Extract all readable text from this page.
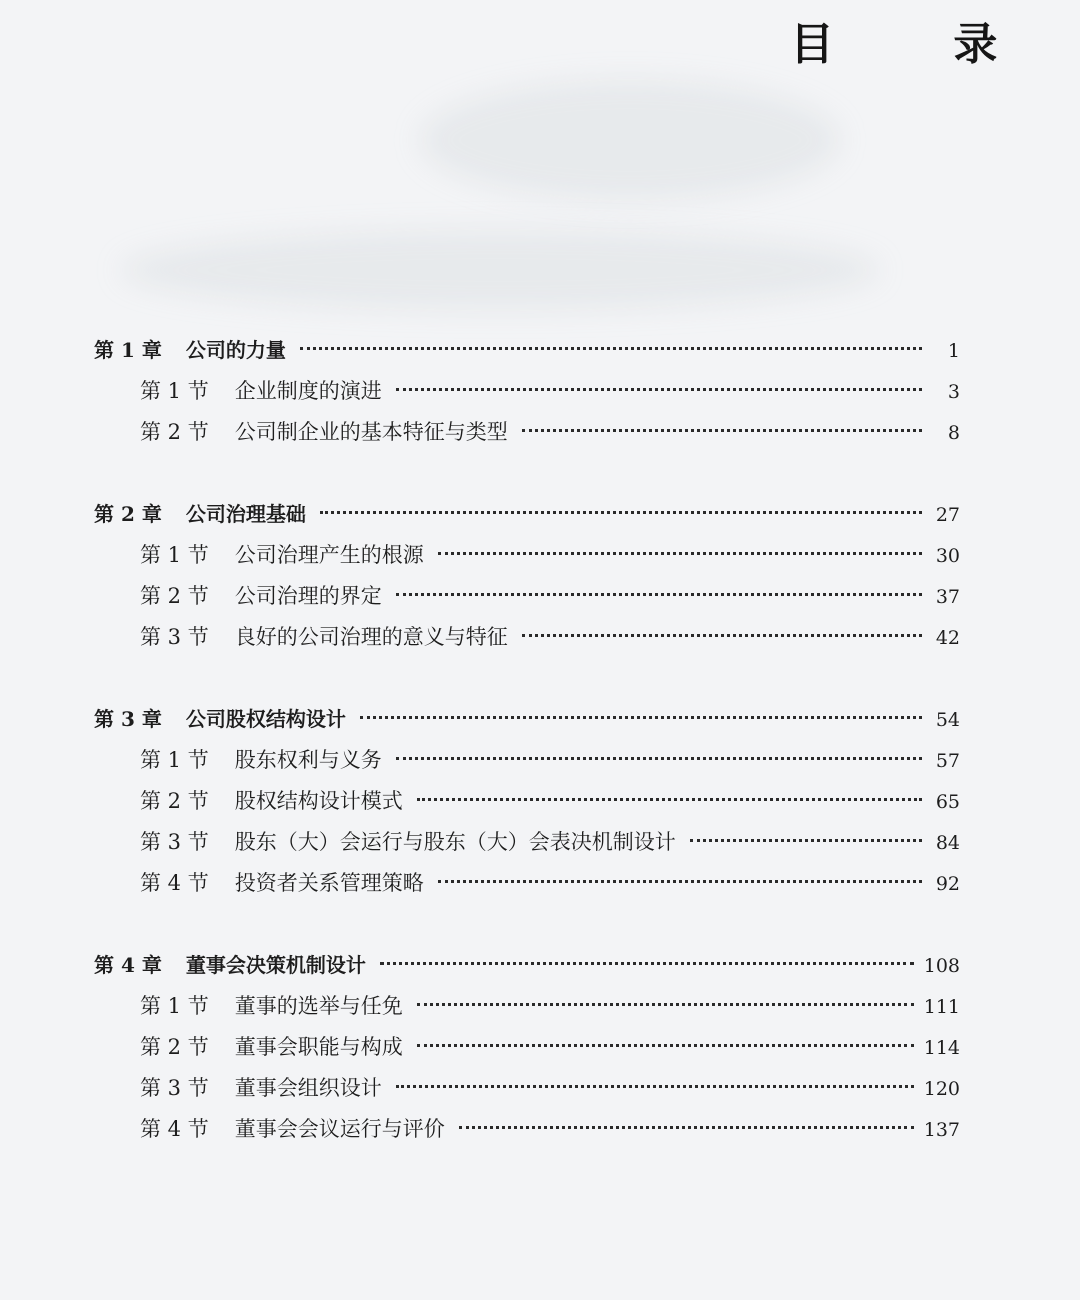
目 录
第 1 章 公司的力量	1
第 1 节 企业制度的演进	3
第 2 节 公司制企业的基本特征与类型	8
第 2 章 公司治理基础	27
第 1 节 公司治理产生的根源	30
第 2 节 公司治理的界定	37
第 3 节 良好的公司治理的意义与特征	42
第 3 章 公司股权结构设计	54
第 1 节 股东权利与义务	57
第 2 节 股权结构设计模式	65
第 3 节 股东（大）会运行与股东（大）会表决机制设计	84
第 4 节 投资者关系管理策略	92
第 4 章 董事会决策机制设计	108
第 1 节 董事的选举与任免	111
第 2 节 董事会职能与构成	114
第 3 节 董事会组织设计	120
第 4 节 董事会会议运行与评价	137
